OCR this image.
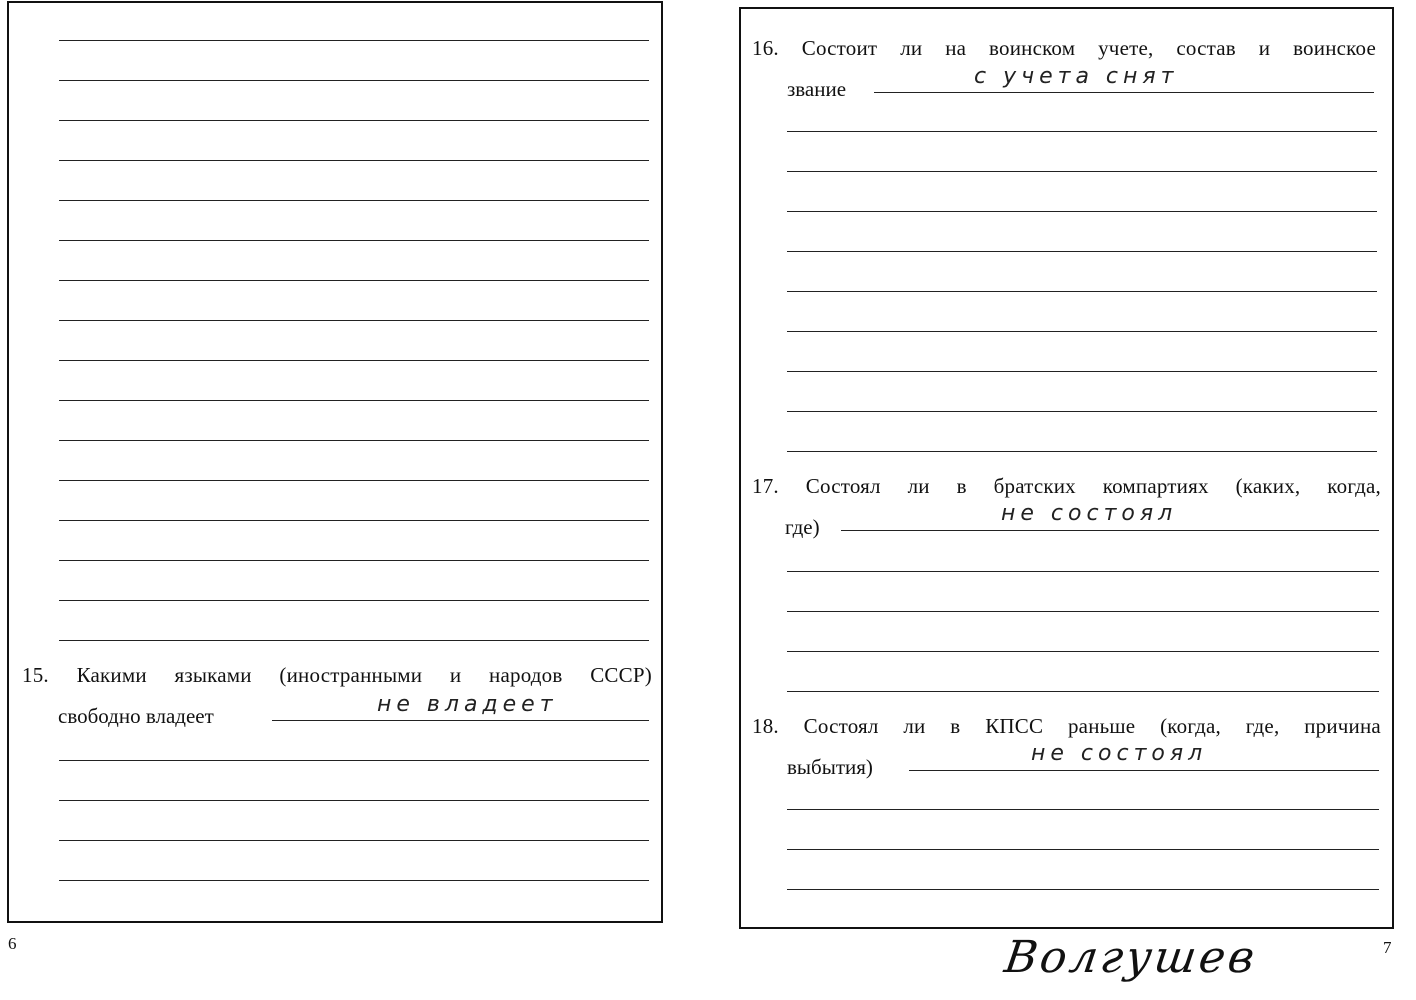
15. Какими языками (иностранными и народов СССР)
свободно владеет	не владеет
6
16. Состоит ли на воинском учете, состав и воинское
звание	с учета снят
17. Состоял ли в братских компартиях (каких, когда,
где)
не состоял
18. Состоял ли в КПСС раньше (когда, где, причина
выбытия)
не состоял
7
Волгушев
